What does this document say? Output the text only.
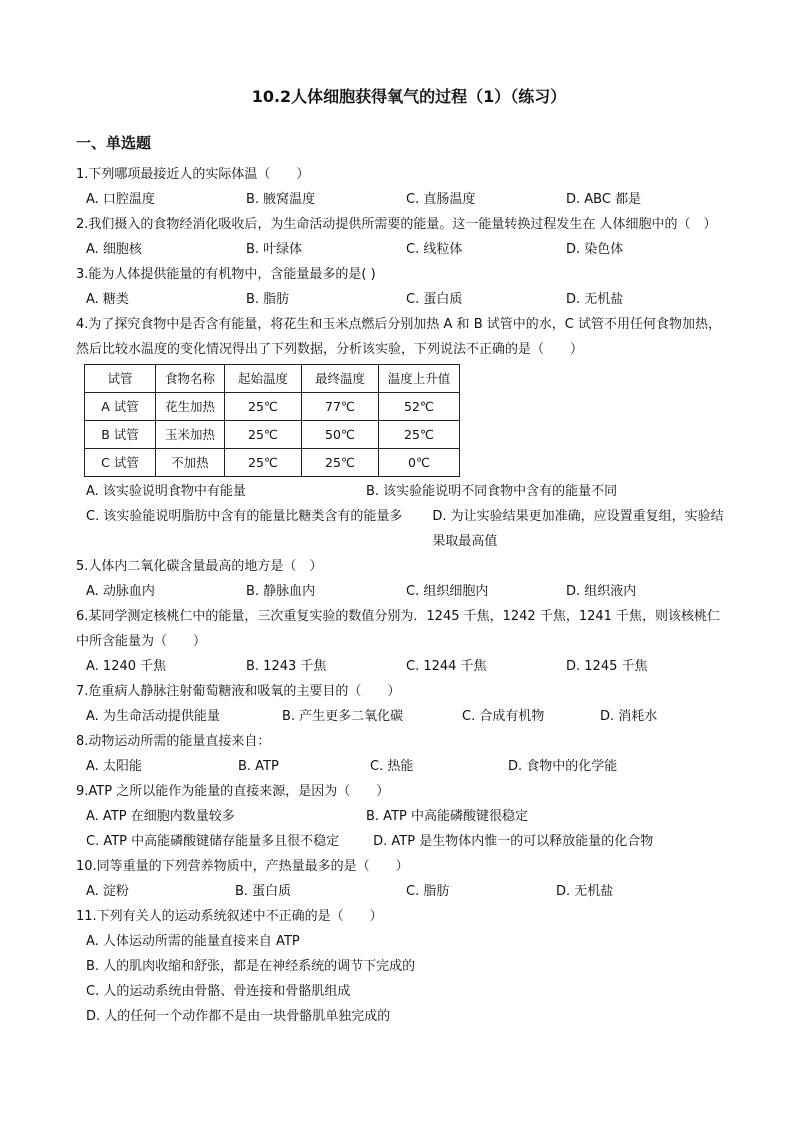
10.2人体细胞获得氧气的过程（1）（练习）
一、单选题
1.下列哪项最接近人的实际体温（　　）
A. 口腔温度	B. 腋窝温度	C. 直肠温度	D. ABC 都是
2.我们摄入的食物经消化吸收后，为生命活动提供所需要的能量。这一能量转换过程发生在 人体细胞中的（　）
A. 细胞核	B. 叶绿体	C. 线粒体	D. 染色体
3.能为人体提供能量的有机物中，含能量最多的是( )
A. 糖类	B. 脂肪	C. 蛋白质	D. 无机盐
4.为了探究食物中是否含有能量，将花生和玉米点燃后分别加热 A 和 B 试管中的水，C 试管不用任何食物加热，然后比较水温度的变化情况得出了下列数据，分析该实验，下列说法不正确的是（　　）
试管	食物名称	起始温度	最终温度	温度上升值
A 试管	花生加热	25℃	77℃	52℃
B 试管	玉米加热	25℃	50℃	25℃
C 试管	不加热	25℃	25℃	0℃
A. 该实验说明食物中有能量	B. 该实验能说明不同食物中含有的能量不同
C. 该实验能说明脂肪中含有的能量比糖类含有的能量多 D. 为让实验结果更加准确，应设置重复组，实验结果取最高值
5.人体内二氧化碳含量最高的地方是（　）
A. 动脉血内	B. 静脉血内	C. 组织细胞内	D. 组织液内
6.某同学测定核桃仁中的能量，三次重复实验的数值分别为．1245 千焦，1242 千焦，1241 千焦，则该核桃仁中所含能量为（　　）
A. 1240 千焦	B. 1243 千焦	C. 1244 千焦	D. 1245 千焦
7.危重病人静脉注射葡萄糖液和吸氧的主要目的（　　）
A. 为生命活动提供能量	B. 产生更多二氧化碳	C. 合成有机物	D. 消耗水
8.动物运动所需的能量直接来自：
A. 太阳能	B. ATP	C. 热能	D. 食物中的化学能
9.ATP 之所以能作为能量的直接来源，是因为（　　）
A. ATP 在细胞内数量较多	B. ATP 中高能磷酸键很稳定
C. ATP 中高能磷酸键储存能量多且很不稳定	D. ATP 是生物体内惟一的可以释放能量的化合物
10.同等重量的下列营养物质中，产热量最多的是（　　）
A. 淀粉	B. 蛋白质	C. 脂肪	D. 无机盐
11.下列有关人的运动系统叙述中不正确的是（　　）
A. 人体运动所需的能量直接来自 ATP
B. 人的肌肉收缩和舒张，都是在神经系统的调节下完成的
C. 人的运动系统由骨骼、骨连接和骨骼肌组成
D. 人的任何一个动作都不是由一块骨骼肌单独完成的
